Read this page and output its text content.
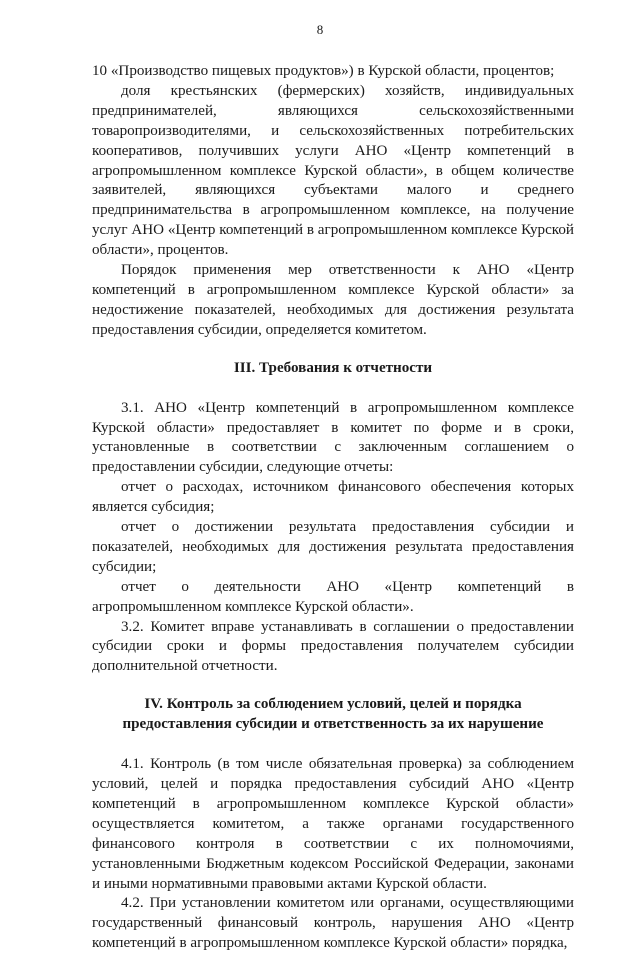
8

10 «Производство пищевых продуктов») в Курской области, процентов;

доля крестьянских (фермерских) хозяйств, индивидуальных предпринимателей, являющихся сельскохозяйственными товаропроизводителями, и сельскохозяйственных потребительских кооперативов, получивших услуги АНО «Центр компетенций в агропромышленном комплексе Курской области», в общем количестве заявителей, являющихся субъектами малого и среднего предпринимательства в агропромышленном комплексе, на получение услуг АНО «Центр компетенций в агропромышленном комплексе Курской области», процентов.

Порядок применения мер ответственности к АНО «Центр компетенций в агропромышленном комплексе Курской области» за недостижение показателей, необходимых для достижения результата предоставления субсидии, определяется комитетом.

III. Требования к отчетности

3.1. АНО «Центр компетенций в агропромышленном комплексе Курской области» предоставляет в комитет по форме и в сроки, установленные в соответствии с заключенным соглашением о предоставлении субсидии, следующие отчеты:

отчет о расходах, источником финансового обеспечения которых является субсидия;

отчет о достижении результата предоставления субсидии и показателей, необходимых для достижения результата предоставления субсидии;

отчет о деятельности АНО «Центр компетенций в агропромышленном комплексе Курской области».

3.2. Комитет вправе устанавливать в соглашении о предоставлении субсидии сроки и формы предоставления получателем субсидии дополнительной отчетности.

IV. Контроль за соблюдением условий, целей и порядка
предоставления субсидии и ответственность за их нарушение

4.1. Контроль (в том числе обязательная проверка) за соблюдением условий, целей и порядка предоставления субсидий АНО «Центр компетенций в агропромышленном комплексе Курской области» осуществляется комитетом, а также органами государственного финансового контроля в соответствии с их полномочиями, установленными Бюджетным кодексом Российской Федерации, законами и иными нормативными правовыми актами Курской области.

4.2. При установлении комитетом или органами, осуществляющими государственный финансовый контроль, нарушения АНО «Центр компетенций в агропромышленном комплексе Курской области» порядка,
